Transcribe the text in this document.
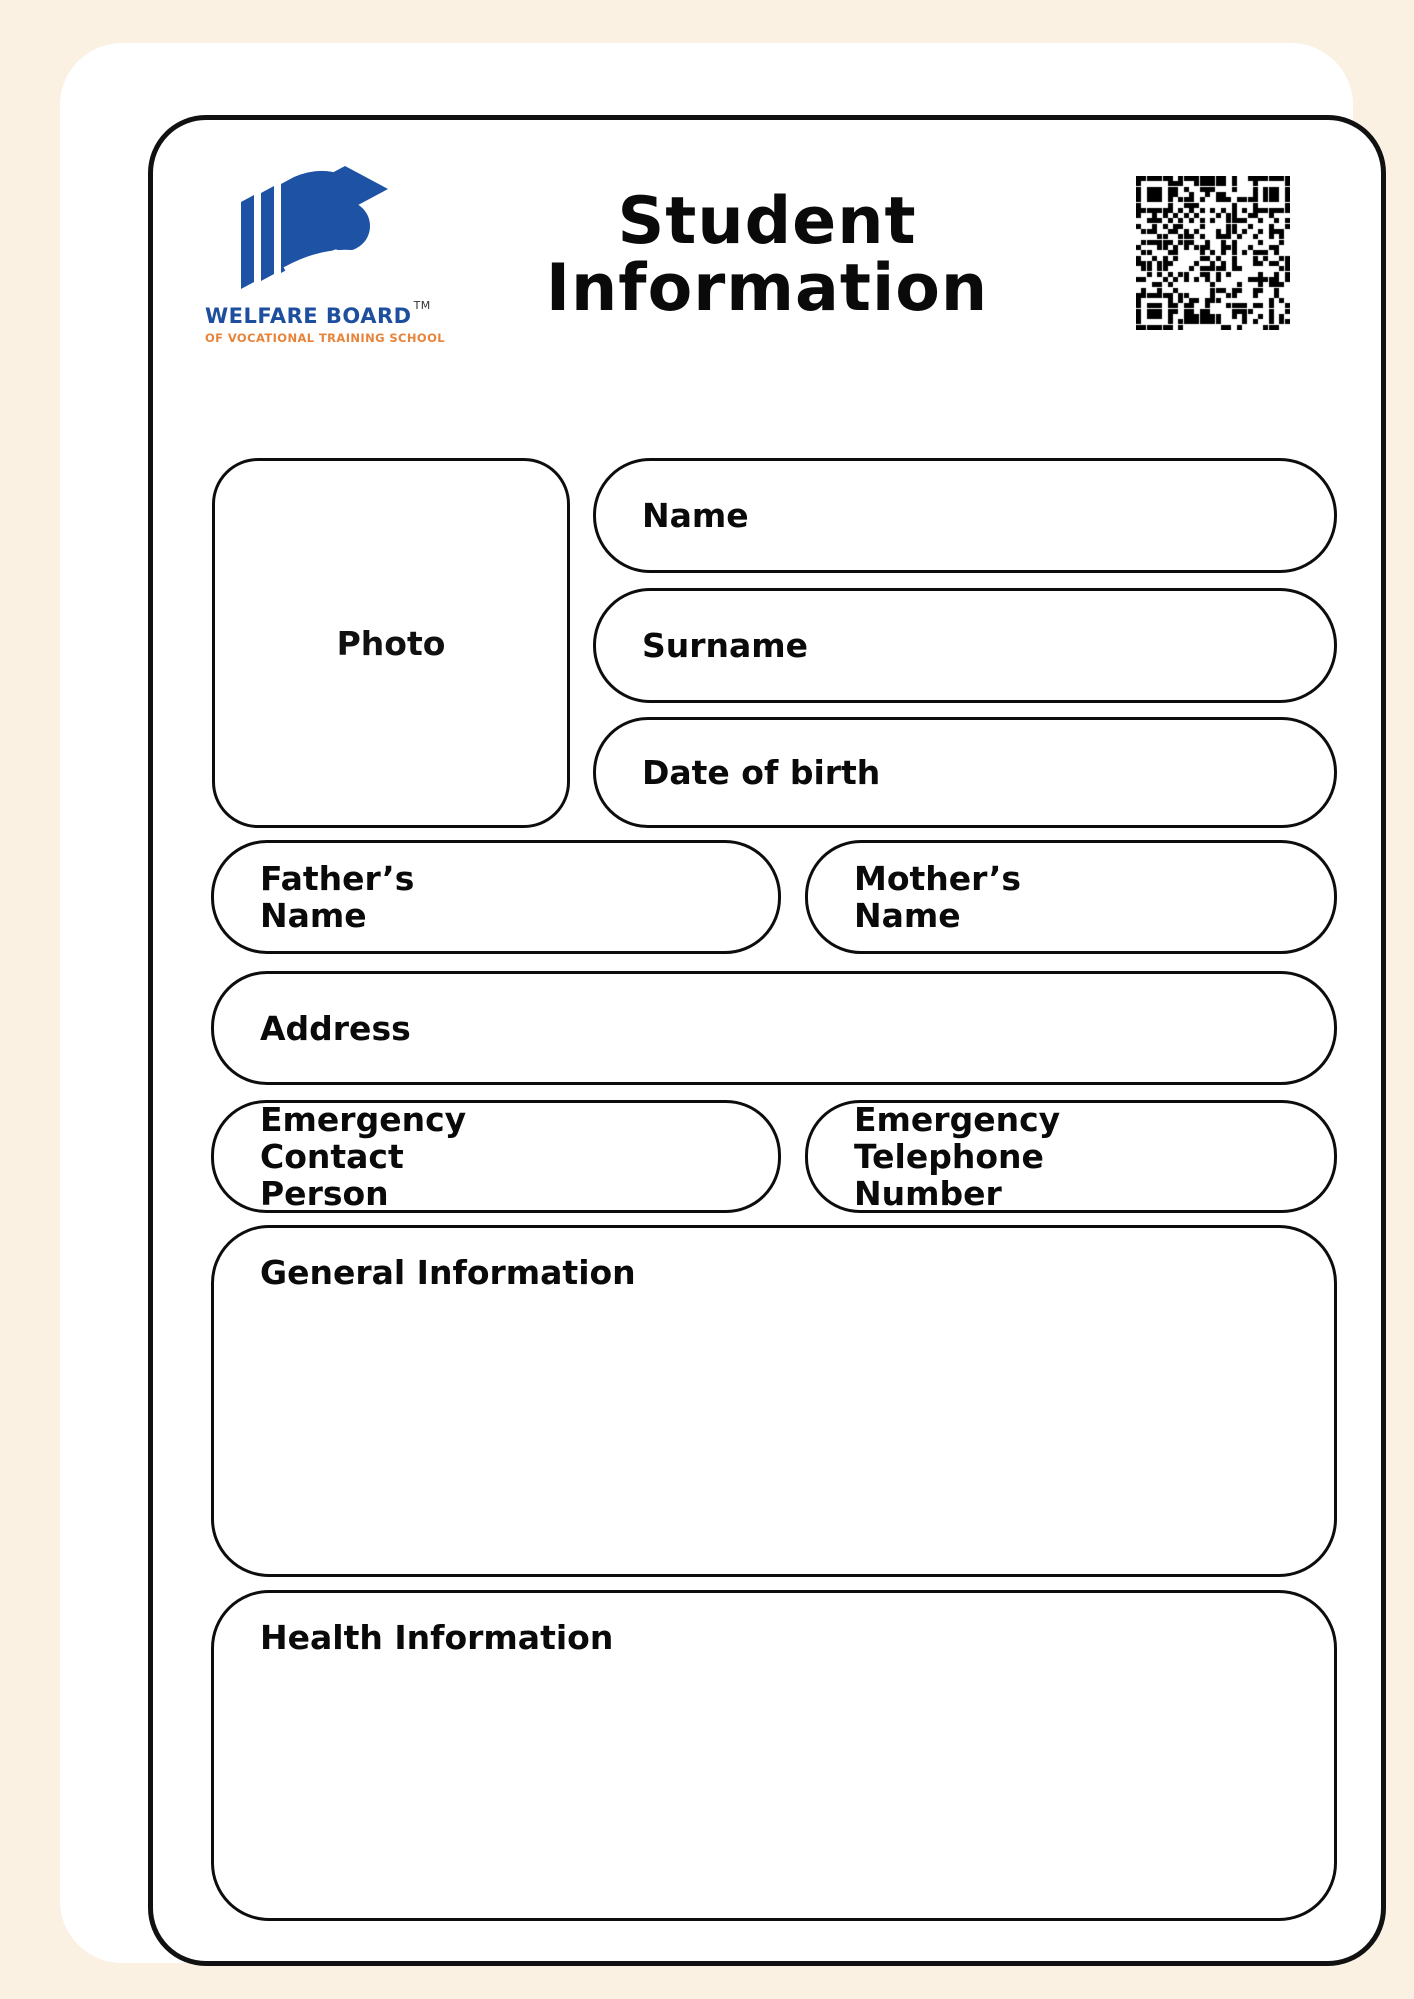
WELFARE BOARD ™
OF VOCATIONAL TRAINING SCHOOL
Student
Information
Photo
Name
Surname
Date of birth
Father’s
Name
Mother’s
Name
Address
Emergency
Contact
Person
Emergency
Telephone
Number
General Information
Health Information
